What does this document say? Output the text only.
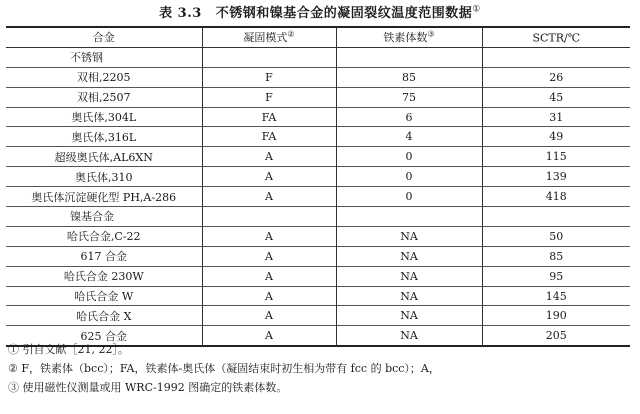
表 3.3 不锈钢和镍基合金的凝固裂纹温度范围数据①
合金	凝固模式②	铁素体数③	SCTR/℃
不锈钢			
双相,2205	F	85	26
双相,2507	F	75	45
奥氏体,304L	FA	6	31
奥氏体,316L	FA	4	49
超级奥氏体,AL6XN	A	0	115
奥氏体,310	A	0	139
奥氏体沉淀硬化型 PH,A-286	A	0	418
镍基合金			
哈氏合金,C-22	A	NA	50
617 合金	A	NA	85
哈氏合金 230W	A	NA	95
哈氏合金 W	A	NA	145
哈氏合金 X	A	NA	190
625 合金	A	NA	205
① 引自文献［21, 22］。
② F，铁素体（bcc）；FA，铁素体-奥氏体（凝固结束时初生相为带有 fcc 的 bcc）；A，
③ 使用磁性仪测量或用 WRC-1992 图确定的铁素体数。
